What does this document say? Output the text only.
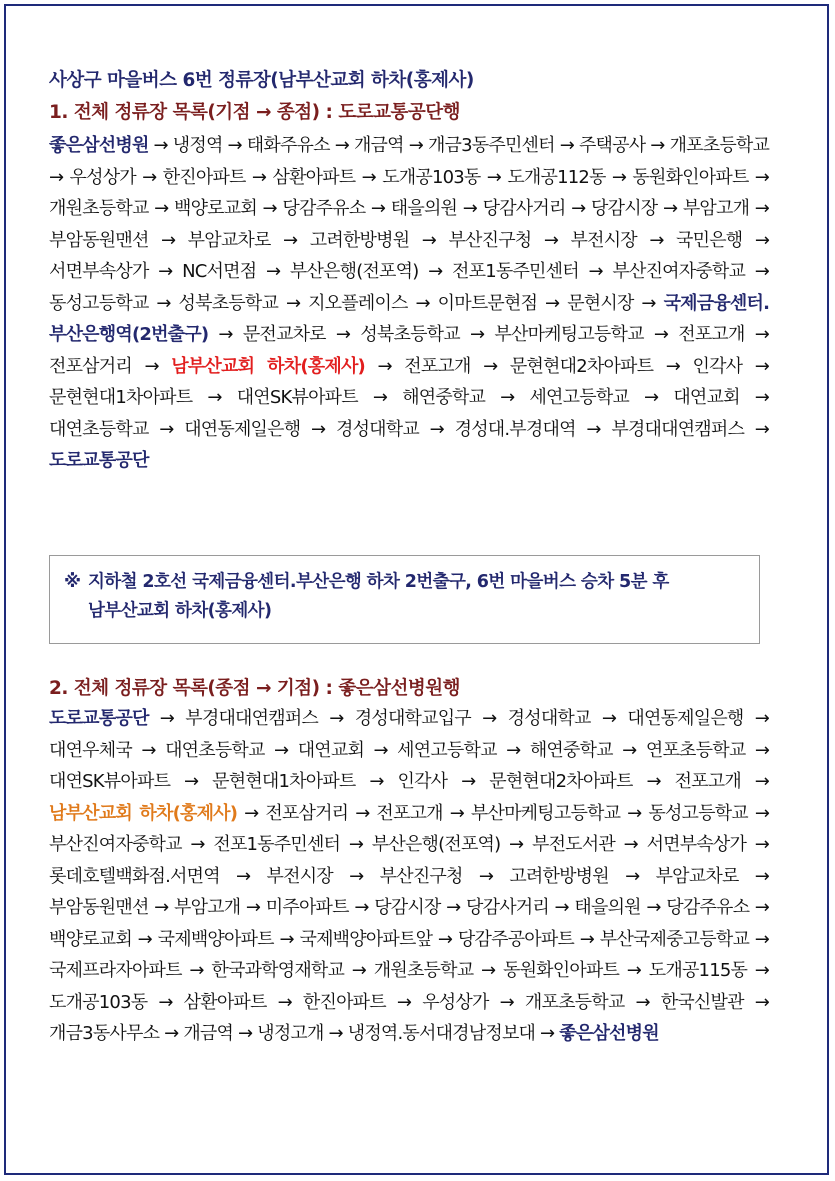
사상구 마을버스 6번 정류장(남부산교회 하차(홍제사)
1. 전체 정류장 목록(기점 → 종점) : 도로교통공단행
좋은삼선병원 → 냉정역 → 태화주유소 → 개금역 → 개금3동주민센터 → 주택공사 → 개포초등학교 → 우성상가 → 한진아파트 → 삼환아파트 → 도개공103동 → 도개공112동 → 동원화인아파트 → 개원초등학교 → 백양로교회 → 당감주유소 → 태을의원 → 당감사거리 → 당감시장 → 부암고개 → 부암동원맨션 → 부암교차로 → 고려한방병원 → 부산진구청 → 부전시장 → 국민은행 → 서면부속상가 → NC서면점 → 부산은행(전포역) → 전포1동주민센터 → 부산진여자중학교 → 동성고등학교 → 성북초등학교 → 지오플레이스 → 이마트문현점 → 문현시장 → 국제금융센터.부산은행역(2번출구) → 문전교차로 → 성북초등학교 → 부산마케팅고등학교 → 전포고개 → 전포삼거리 → 남부산교회 하차(홍제사) → 전포고개 → 문현현대2차아파트 → 인각사 → 문현현대1차아파트 → 대연SK뷰아파트 → 해연중학교 → 세연고등학교 → 대연교회 → 대연초등학교 → 대연동제일은행 → 경성대학교 → 경성대.부경대역 → 부경대대연캠퍼스 → 도로교통공단
※ 지하철 2호선 국제금융센터.부산은행 하차 2번출구, 6번 마을버스 승차 5분 후
남부산교회 하차(홍제사)
2. 전체 정류장 목록(종점 → 기점) : 좋은삼선병원행
도로교통공단 → 부경대대연캠퍼스 → 경성대학교입구 → 경성대학교 → 대연동제일은행 → 대연우체국 → 대연초등학교 → 대연교회 → 세연고등학교 → 해연중학교 → 연포초등학교 → 대연SK뷰아파트 → 문현현대1차아파트 → 인각사 → 문현현대2차아파트 → 전포고개 → 남부산교회 하차(홍제사) → 전포삼거리 → 전포고개 → 부산마케팅고등학교 → 동성고등학교 → 부산진여자중학교 → 전포1동주민센터 → 부산은행(전포역) → 부전도서관 → 서면부속상가 → 롯데호텔백화점.서면역 → 부전시장 → 부산진구청 → 고려한방병원 → 부암교차로 → 부암동원맨션 → 부암고개 → 미주아파트 → 당감시장 → 당감사거리 → 태을의원 → 당감주유소 → 백양로교회 → 국제백양아파트 → 국제백양아파트앞 → 당감주공아파트 → 부산국제중고등학교 → 국제프라자아파트 → 한국과학영재학교 → 개원초등학교 → 동원화인아파트 → 도개공115동 → 도개공103동 → 삼환아파트 → 한진아파트 → 우성상가 → 개포초등학교 → 한국신발관 → 개금3동사무소 → 개금역 → 냉정고개 → 냉정역.동서대경남정보대 → 좋은삼선병원
